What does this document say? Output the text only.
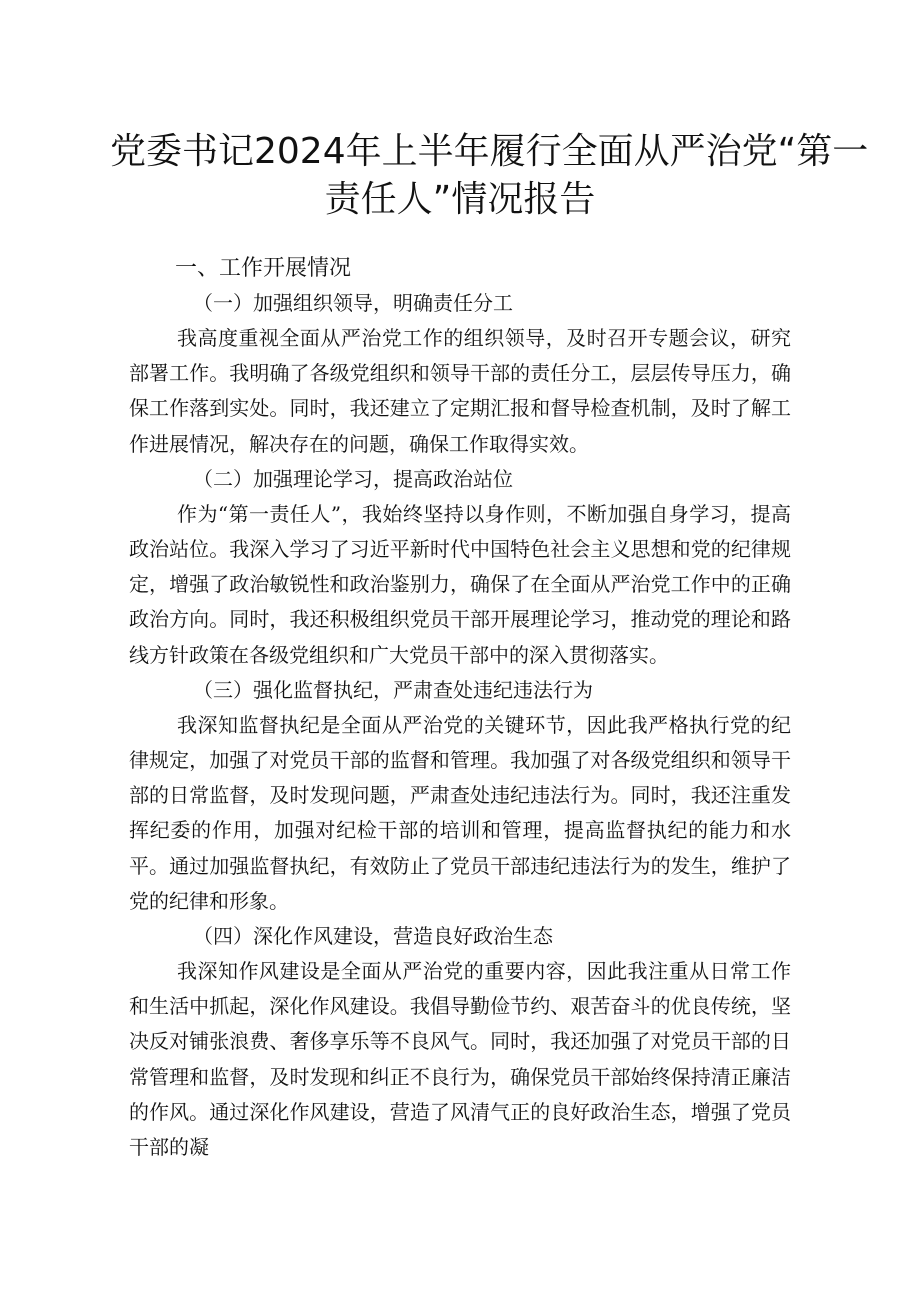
党委书记2024年上半年履行全面从严治党“第一
责任人”情况报告
一、工作开展情况
（一）加强组织领导，明确责任分工

我高度重视全面从严治党工作的组织领导，及时召开专题会议，研究部署工作。我明确了各级党组织和领导干部的责任分工，层层传导压力，确保工作落到实处。同时，我还建立了定期汇报和督导检查机制，及时了解工作进展情况，解决存在的问题，确保工作取得实效。

（二）加强理论学习，提高政治站位

作为“第一责任人”，我始终坚持以身作则，不断加强自身学习，提高政治站位。我深入学习了习近平新时代中国特色社会主义思想和党的纪律规定，增强了政治敏锐性和政治鉴别力，确保了在全面从严治党工作中的正确政治方向。同时，我还积极组织党员干部开展理论学习，推动党的理论和路线方针政策在各级党组织和广大党员干部中的深入贯彻落实。

（三）强化监督执纪，严肃查处违纪违法行为

我深知监督执纪是全面从严治党的关键环节，因此我严格执行党的纪律规定，加强了对党员干部的监督和管理。我加强了对各级党组织和领导干部的日常监督，及时发现问题，严肃查处违纪违法行为。同时，我还注重发挥纪委的作用，加强对纪检干部的培训和管理，提高监督执纪的能力和水平。通过加强监督执纪，有效防止了党员干部违纪违法行为的发生，维护了党的纪律和形象。

（四）深化作风建设，营造良好政治生态

我深知作风建设是全面从严治党的重要内容，因此我注重从日常工作和生活中抓起，深化作风建设。我倡导勤俭节约、艰苦奋斗的优良传统，坚决反对铺张浪费、奢侈享乐等不良风气。同时，我还加强了对党员干部的日常管理和监督，及时发现和纠正不良行为，确保党员干部始终保持清正廉洁的作风。通过深化作风建设，营造了风清气正的良好政治生态，增强了党员干部的凝
